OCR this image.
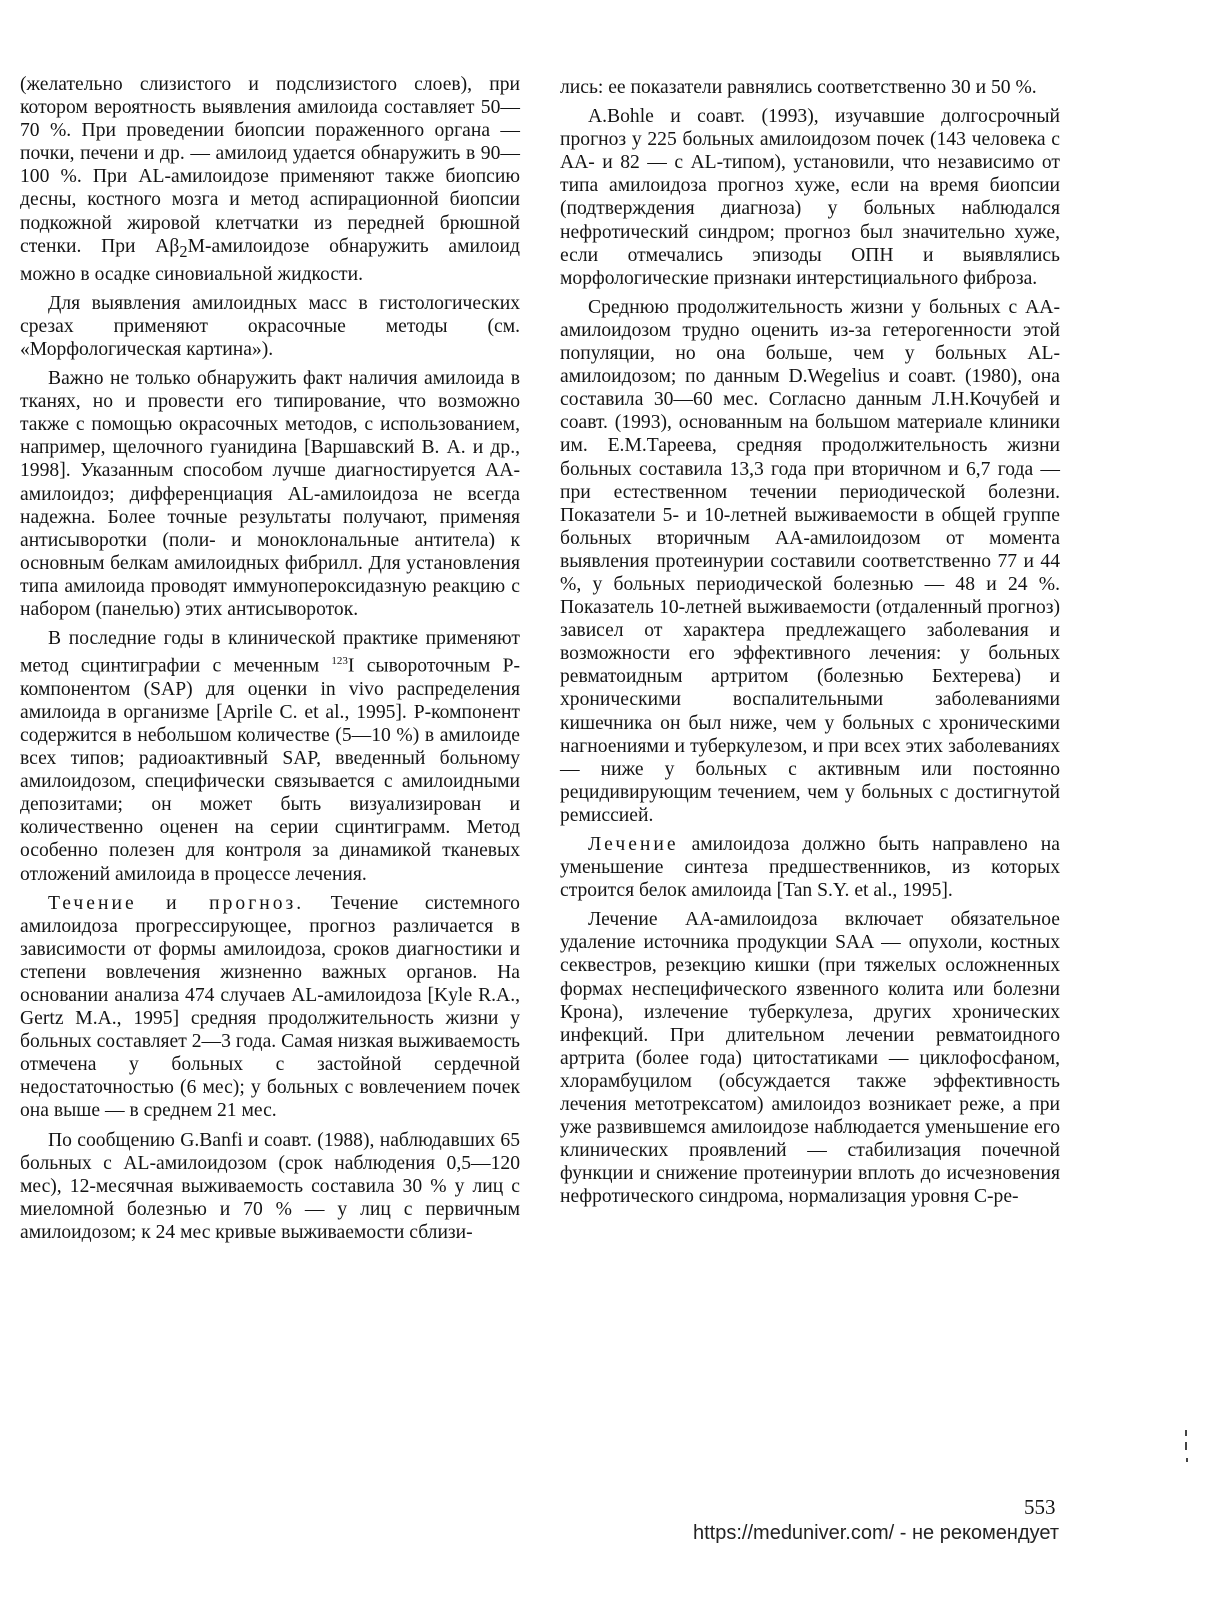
(желательно слизистого и подслизистого слоев), при котором вероятность выявления амилоида составляет 50—70 %. При проведении биопсии пораженного органа — почки, печени и др. — амилоид удается обнаружить в 90—100 %. При AL-амилоидозе применяют также биопсию десны, костного мозга и метод аспирационной биопсии подкожной жировой клетчатки из передней брюшной стенки. При $A\beta_2М$-амилоидозе обнаружить амилоид можно в осадке синовиальной жидкости.

Для выявления амилоидных масс в гистологических срезах применяют окрасочные методы (см. «Морфологическая картина»).

Важно не только обнаружить факт наличия амилоида в тканях, но и провести его типирование, что возможно также с помощью окрасочных методов, с использованием, например, щелочного гуанидина [Варшавский В. А. и др., 1998]. Указанным способом лучше диагностируется АА-амилоидоз; дифференциация AL-амилоидоза не всегда надежна. Более точные результаты получают, применяя антисыворотки (поли- и моноклональные антитела) к основным белкам амилоидных фибрилл. Для установления типа амилоида проводят иммунопероксидазную реакцию с набором (панелью) этих антисывороток.

В последние годы в клинической практике применяют метод сцинтиграфии с меченным $^{123}$I сывороточным Р-компонентом (SAP) для оценки in vivo распределения амилоида в организме [Aprile С. et al., 1995]. Р-компонент содержится в небольшом количестве (5—10 %) в амилоиде всех типов; радиоактивный SAP, введенный больному амилоидозом, специфически связывается с амилоидными депозитами; он может быть визуализирован и количественно оценен на серии сцинтиграмм. Метод особенно полезен для контроля за динамикой тканевых отложений амилоида в процессе лечения.

Течение и прогноз. Течение системного амилоидоза прогрессирующее, прогноз различается в зависимости от формы амилоидоза, сроков диагностики и степени вовлечения жизненно важных органов. На основании анализа 474 случаев AL-амилоидоза [Kyle R.A., Gertz M.A., 1995] средняя продолжительность жизни у больных составляет 2—3 года. Самая низкая выживаемость отмечена у больных с застойной сердечной недостаточностью (6 мес); у больных с вовлечением почек она выше — в среднем 21 мес.

По сообщению G.Banfi и соавт. (1988), наблюдавших 65 больных с AL-амилоидозом (срок наблюдения 0,5—120 мес), 12-месячная выживаемость составила 30 % у лиц с миеломной болезнью и 70 % — у лиц с первичным амилоидозом; к 24 мес кривые выживаемости сблизи-

лись: ее показатели равнялись соответственно 30 и 50 %.

A.Bohle и соавт. (1993), изучавшие долгосрочный прогноз у 225 больных амилоидозом почек (143 человека с АА- и 82 — с AL-типом), установили, что независимо от типа амилоидоза прогноз хуже, если на время биопсии (подтверждения диагноза) у больных наблюдался нефротический синдром; прогноз был значительно хуже, если отмечались эпизоды ОПН и выявлялись морфологические признаки интерстициального фиброза.

Среднюю продолжительность жизни у больных с АА-амилоидозом трудно оценить из-за гетерогенности этой популяции, но она больше, чем у больных AL-амилоидозом; по данным D.Wegelius и соавт. (1980), она составила 30—60 мес. Согласно данным Л.Н.Кочубей и соавт. (1993), основанным на большом материале клиники им. Е.М.Тареева, средняя продолжительность жизни больных составила 13,3 года при вторичном и 6,7 года — при естественном течении периодической болезни. Показатели 5- и 10-летней выживаемости в общей группе больных вторичным АА-амилоидозом от момента выявления протеинурии составили соответственно 77 и 44 %, у больных периодической болезнью — 48 и 24 %. Показатель 10-летней выживаемости (отдаленный прогноз) зависел от характера предлежащего заболевания и возможности его эффективного лечения: у больных ревматоидным артритом (болезнью Бехтерева) и хроническими воспалительными заболеваниями кишечника он был ниже, чем у больных с хроническими нагноениями и туберкулезом, и при всех этих заболеваниях — ниже у больных с активным или постоянно рецидивирующим течением, чем у больных с достигнутой ремиссией.

Лечение амилоидоза должно быть направлено на уменьшение синтеза предшественников, из которых строится белок амилоида [Tan S.Y. et al., 1995].

Лечение АА-амилоидоза включает обязательное удаление источника продукции SAA — опухоли, костных секвестров, резекцию кишки (при тяжелых осложненных формах неспецифического язвенного колита или болезни Крона), излечение туберкулеза, других хронических инфекций. При длительном лечении ревматоидного артрита (более года) цитостатиками — циклофосфаном, хлорамбуцилом (обсуждается также эффективность лечения метотрексатом) амилоидоз возникает реже, а при уже развившемся амилоидозе наблюдается уменьшение его клинических проявлений — стабилизация почечной функции и снижение протеинурии вплоть до исчезновения нефротического синдрома, нормализация уровня С-ре-

553
https://meduniver.com/ - не рекомендует
